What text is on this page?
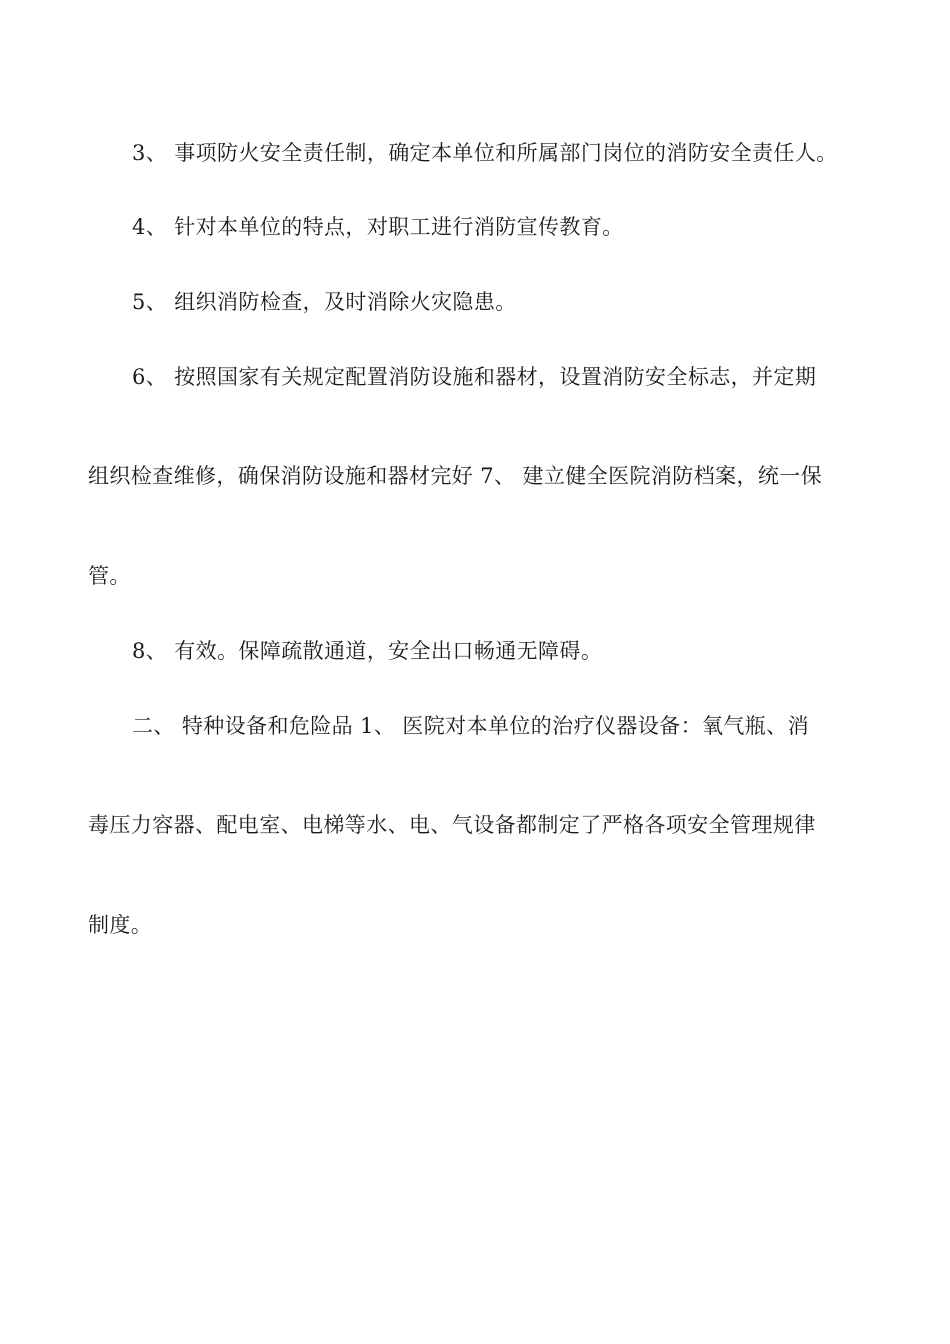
3、 事项防火安全责任制，确定本单位和所属部门岗位的消防安全责任人。
4、 针对本单位的特点，对职工进行消防宣传教育。
5、 组织消防检查，及时消除火灾隐患。
6、 按照国家有关规定配置消防设施和器材，设置消防安全标志，并定期
组织检查维修，确保消防设施和器材完好 7、 建立健全医院消防档案，统一保
管。
8、 有效。保障疏散通道，安全出口畅通无障碍。
二、 特种设备和危险品 1、 医院对本单位的治疗仪器设备：氧气瓶、消
毒压力容器、配电室、电梯等水、电、气设备都制定了严格各项安全管理规律
制度。
